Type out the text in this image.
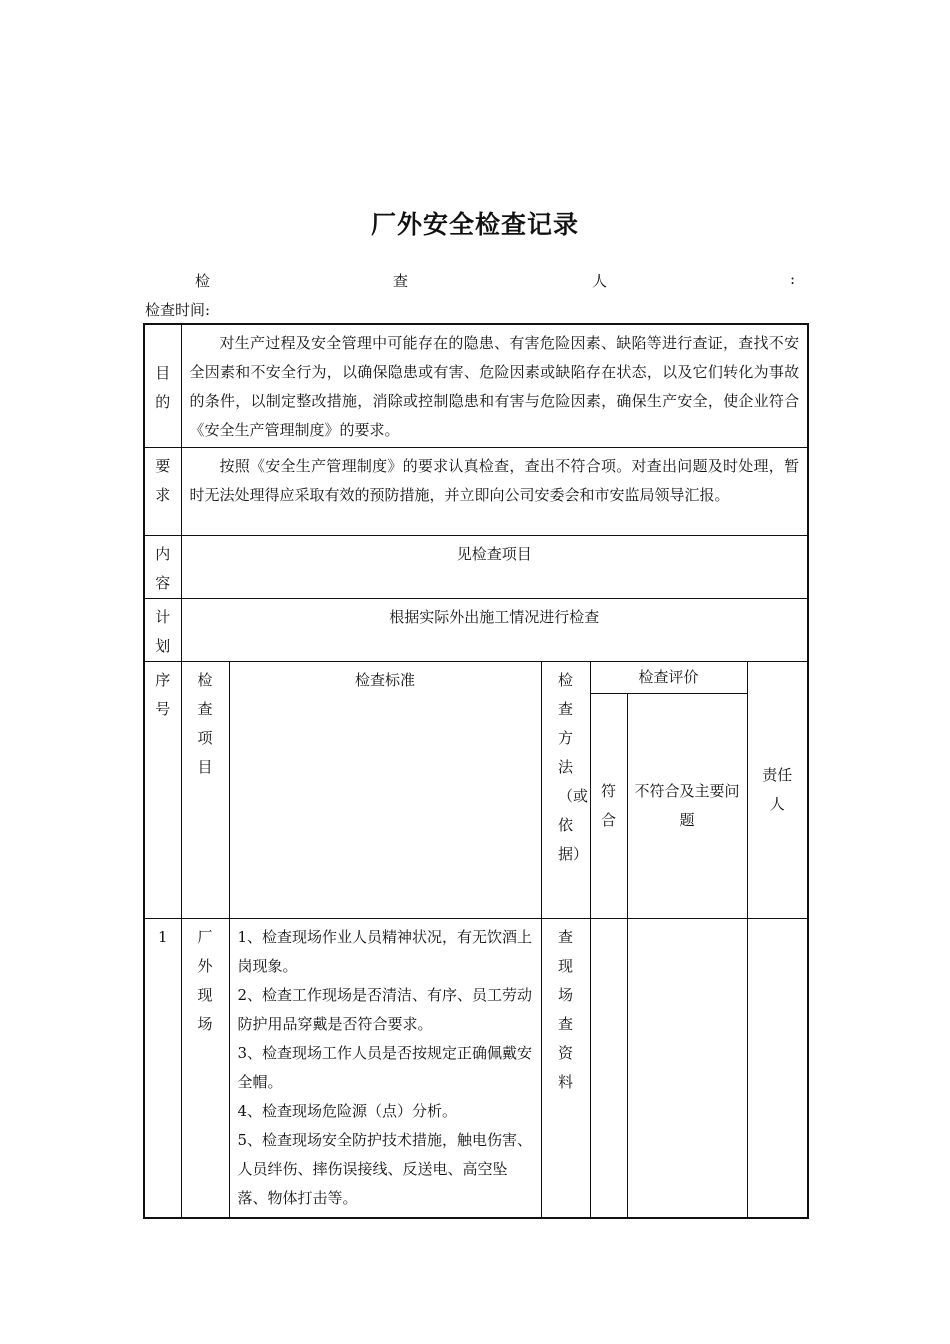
厂外安全检查记录
检	查	人	:
检查时间:
目的	对生产过程及安全管理中可能存在的隐患、有害危险因素、缺陷等进行查证，查找不安全因素和不安全行为，以确保隐患或有害、危险因素或缺陷存在状态，以及它们转化为事故的条件，以制定整改措施，消除或控制隐患和有害与危险因素，确保生产安全，使企业符合《安全生产管理制度》的要求。					

要求	按照《安全生产管理制度》的要求认真检查，查出不符合项。对查出问题及时处理，暂时无法处理得应采取有效的预防措施，并立即向公司安委会和市安监局领导汇报。					

内容	见检查项目					

计划	根据实际外出施工情况进行检查					

序号	检查项目	检查标准	检查方法（或依据）	检查评价		责任人

				符合	不符合及主要问题	

1	厂外现场	1、检查现场作业人员精神状况，有无饮酒上岗现象。

2、检查工作现场是否清洁、有序、员工劳动防护用品穿戴是否符合要求。

3、检查现场工作人员是否按规定正确佩戴安全帽。

4、检查现场危险源（点）分析。

5、检查现场安全防护技术措施，触电伤害、人员绊伤、摔伤误接线、反送电、高空坠落、物体打击等。	查现场查资料			
